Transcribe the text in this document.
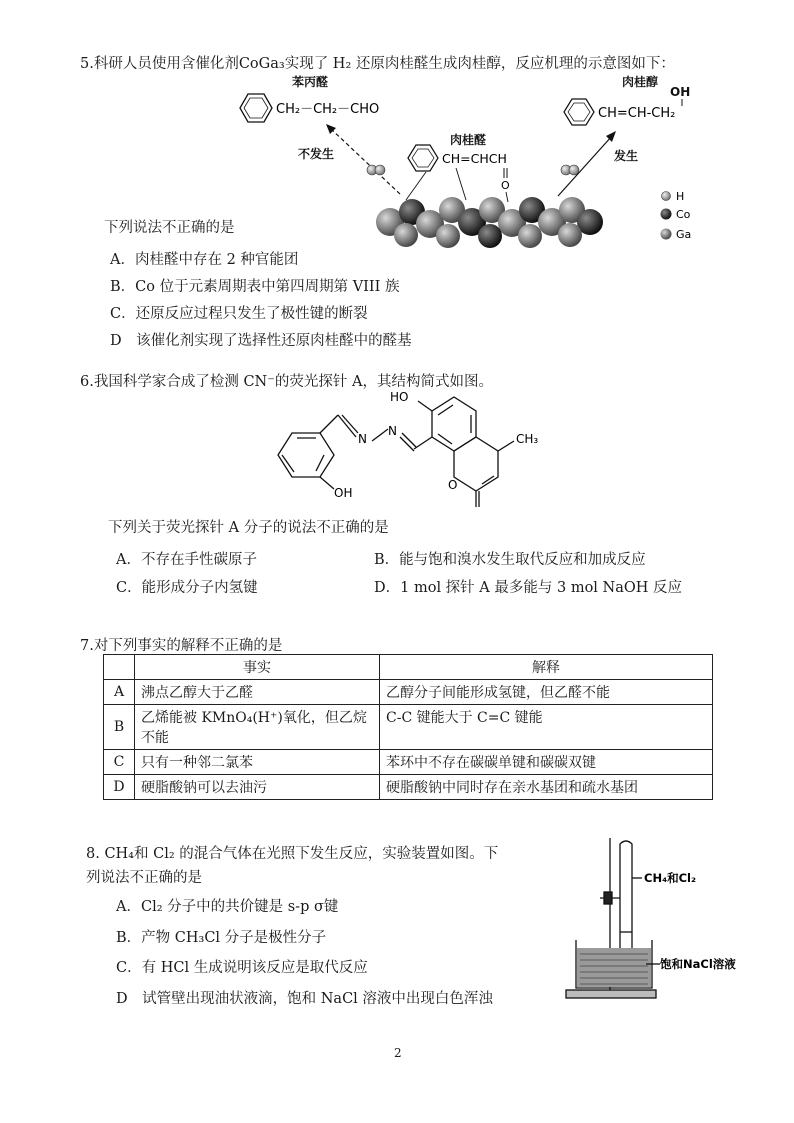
5.科研人员使用含催化剂CoGa₃实现了 H₂ 还原肉桂醛生成肉桂醇，反应机理的示意图如下：
苯丙醛
CH₂－CH₂－CHO
不发生
肉桂醛
CH=CHCH
O
肉桂醇
OH
CH=CH-CH₂
发生
H
Co
Ga
下列说法不正确的是
A．肉桂醛中存在 2 种官能团
B．Co 位于元素周期表中第四周期第 VIII 族
C．还原反应过程只发生了极性键的断裂
D　该催化剂实现了选择性还原肉桂醛中的醛基
6.我国科学家合成了检测 CN⁻的荧光探针 A，其结构简式如图。
HO
OH
CH₃
N
N
O
下列关于荧光探针 A 分子的说法不正确的是
A．不存在手性碳原子	B．能与饱和溴水发生取代反应和加成反应
C．能形成分子内氢键	D．1 mol 探针 A 最多能与 3 mol NaOH 反应
7.对下列事实的解释不正确的是
	事实	解释
A	沸点乙醇大于乙醛	乙醇分子间能形成氢键，但乙醛不能
B	乙烯能被 KMnO₄(H⁺)氧化，但乙烷不能	C-C 键能大于 C=C 键能
C	只有一种邻二氯苯	苯环中不存在碳碳单键和碳碳双键
D	硬脂酸钠可以去油污	硬脂酸钠中同时存在亲水基团和疏水基团
8. CH₄和 Cl₂ 的混合气体在光照下发生反应，实验装置如图。下
列说法不正确的是
A．Cl₂ 分子中的共价键是 s-p σ键
B．产物 CH₃Cl 分子是极性分子
C．有 HCl 生成说明该反应是取代反应
D　试管壁出现油状液滴，饱和 NaCl 溶液中出现白色浑浊
CH₄和Cl₂
饱和NaCl溶液
2
